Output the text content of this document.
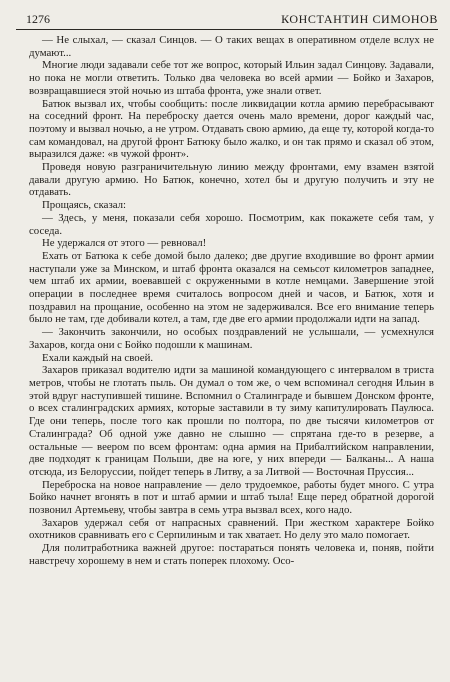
1276	КОНСТАНТИН СИМОНОВ

— Не слыхал, — сказал Синцов. — О таких вещах в оперативном отделе вслух не думают...

Многие люди задавали себе тот же вопрос, который Ильин задал Синцову. Задавали, но пока не могли ответить. Только два человека во всей армии — Бойко и Захаров, возвращавшиеся этой ночью из штаба фронта, уже знали ответ.

Батюк вызвал их, чтобы сообщить: после ликвидации котла армию перебрасывают на соседний фронт. На переброску дается очень мало времени, дорог каждый час, поэтому и вызвал ночью, а не утром. Отдавать свою армию, да еще ту, которой когда-то сам командовал, на другой фронт Батюку было жалко, и он так прямо и сказал об этом, выразился даже: «в чужой фронт».

Проведя новую разграничительную линию между фронтами, ему взамен взятой давали другую армию. Но Батюк, конечно, хотел бы и другую получить и эту не отдавать.

Прощаясь, сказал:

— Здесь, у меня, показали себя хорошо. Посмотрим, как покажете себя там, у соседа.

Не удержался от этого — ревновал!

Ехать от Батюка к себе домой было далеко; две другие входившие во фронт армии наступали уже за Минском, и штаб фронта оказался на семьсот километров западнее, чем штаб их армии, воевавшей с окруженными в котле немцами. Завершение этой операции в последнее время считалось вопросом дней и часов, и Батюк, хотя и поздравил на прощание, особенно на этом не задерживался. Все его внимание теперь было не там, где добивали котел, а там, где две его армии продолжали идти на запад.

— Закончить закончили, но особых поздравлений не услышали, — усмехнулся Захаров, когда они с Бойко подошли к машинам.

Ехали каждый на своей.

Захаров приказал водителю идти за машиной командующего с интервалом в триста метров, чтобы не глотать пыль. Он думал о том же, о чем вспоминал сегодня Ильин в этой вдруг наступившей тишине. Вспомнил о Сталинграде и бывшем Донском фронте, о всех сталинградских армиях, которые заставили в ту зиму капитулировать Паулюса. Где они теперь, после того как прошли по полтора, по две тысячи километров от Сталинграда? Об одной уже давно не слышно — спрятана где-то в резерве, а остальные — веером по всем фронтам: одна армия на Прибалтийском направлении, две подходят к границам Польши, две на юге, у них впереди — Балканы... А наша отсюда, из Белоруссии, пойдет теперь в Литву, а за Литвой — Восточная Пруссия...

Переброска на новое направление — дело трудоемкое, работы будет много. С утра Бойко начнет вгонять в пот и штаб армии и штаб тыла! Еще перед обратной дорогой позвонил Артемьеву, чтобы завтра в семь утра вызвал всех, кого надо.

Захаров удержал себя от напрасных сравнений. При жестком характере Бойко охотников сравнивать его с Серпилиным и так хватает. Но делу это мало помогает.

Для политработника важней другое: постараться понять человека и, поняв, пойти навстречу хорошему в нем и стать поперек плохому. Осо-
